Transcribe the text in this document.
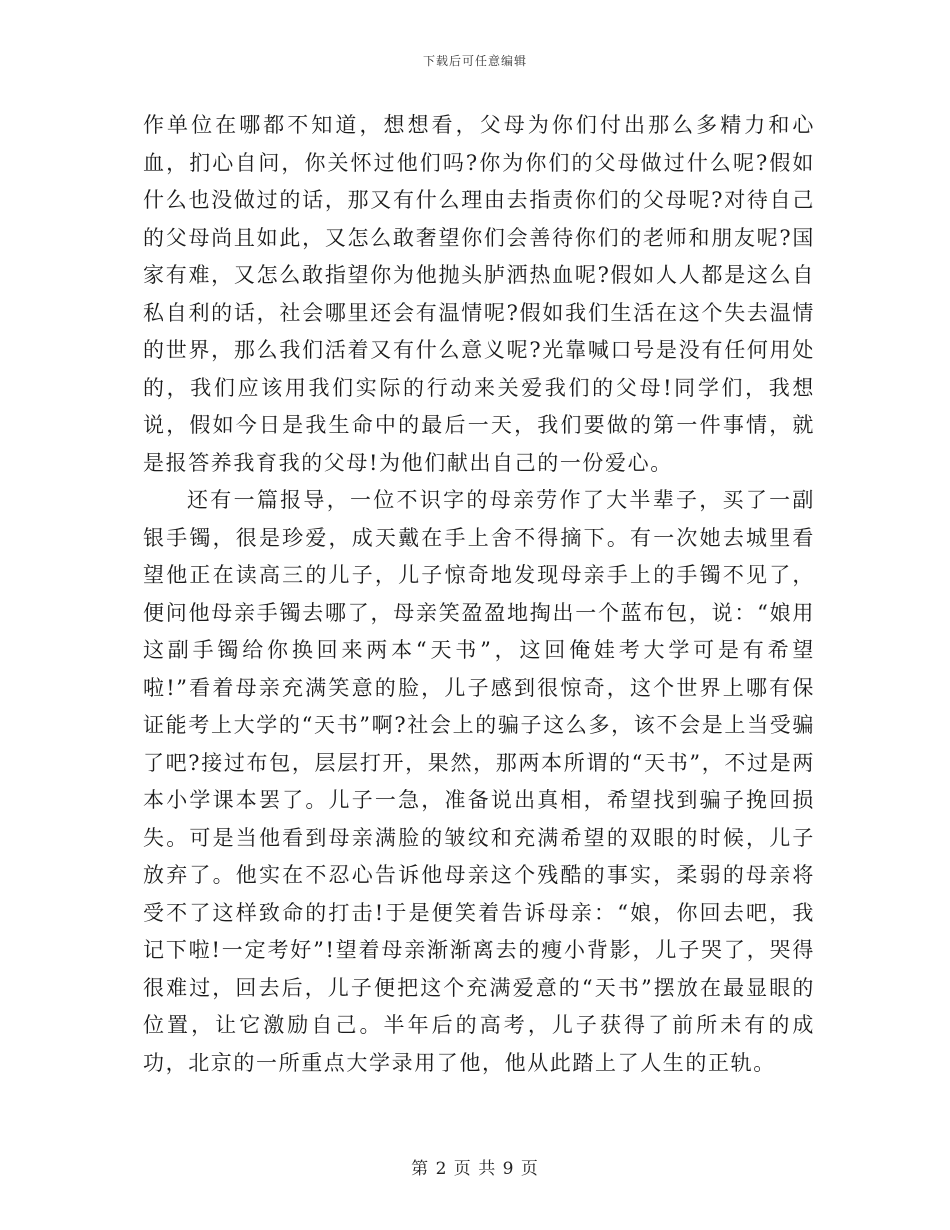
下载后可任意编辑

作单位在哪都不知道，想想看，父母为你们付出那么多精力和心血，扪心自问，你关怀过他们吗?你为你们的父母做过什么呢?假如什么也没做过的话，那又有什么理由去指责你们的父母呢?对待自己的父母尚且如此，又怎么敢奢望你们会善待你们的老师和朋友呢?国家有难，又怎么敢指望你为他抛头胪洒热血呢?假如人人都是这么自私自利的话，社会哪里还会有温情呢?假如我们生活在这个失去温情的世界，那么我们活着又有什么意义呢?光靠喊口号是没有任何用处的，我们应该用我们实际的行动来关爱我们的父母!同学们，我想说，假如今日是我生命中的最后一天，我们要做的第一件事情，就是报答养我育我的父母!为他们献出自己的一份爱心。

还有一篇报导，一位不识字的母亲劳作了大半辈子，买了一副银手镯，很是珍爱，成天戴在手上舍不得摘下。有一次她去城里看望他正在读高三的儿子，儿子惊奇地发现母亲手上的手镯不见了，便问他母亲手镯去哪了，母亲笑盈盈地掏出一个蓝布包，说：“娘用这副手镯给你换回来两本“天书”，这回俺娃考大学可是有希望啦!”看着母亲充满笑意的脸，儿子感到很惊奇，这个世界上哪有保证能考上大学的“天书”啊?社会上的骗子这么多，该不会是上当受骗了吧?接过布包，层层打开，果然，那两本所谓的“天书”，不过是两本小学课本罢了。儿子一急，准备说出真相，希望找到骗子挽回损失。可是当他看到母亲满脸的皱纹和充满希望的双眼的时候，儿子放弃了。他实在不忍心告诉他母亲这个残酷的事实，柔弱的母亲将受不了这样致命的打击!于是便笑着告诉母亲：“娘，你回去吧，我记下啦!一定考好”!望着母亲渐渐离去的瘦小背影，儿子哭了，哭得很难过，回去后，儿子便把这个充满爱意的“天书”摆放在最显眼的位置，让它激励自己。半年后的高考，儿子获得了前所未有的成功，北京的一所重点大学录用了他，他从此踏上了人生的正轨。

第 2 页 共 9 页
